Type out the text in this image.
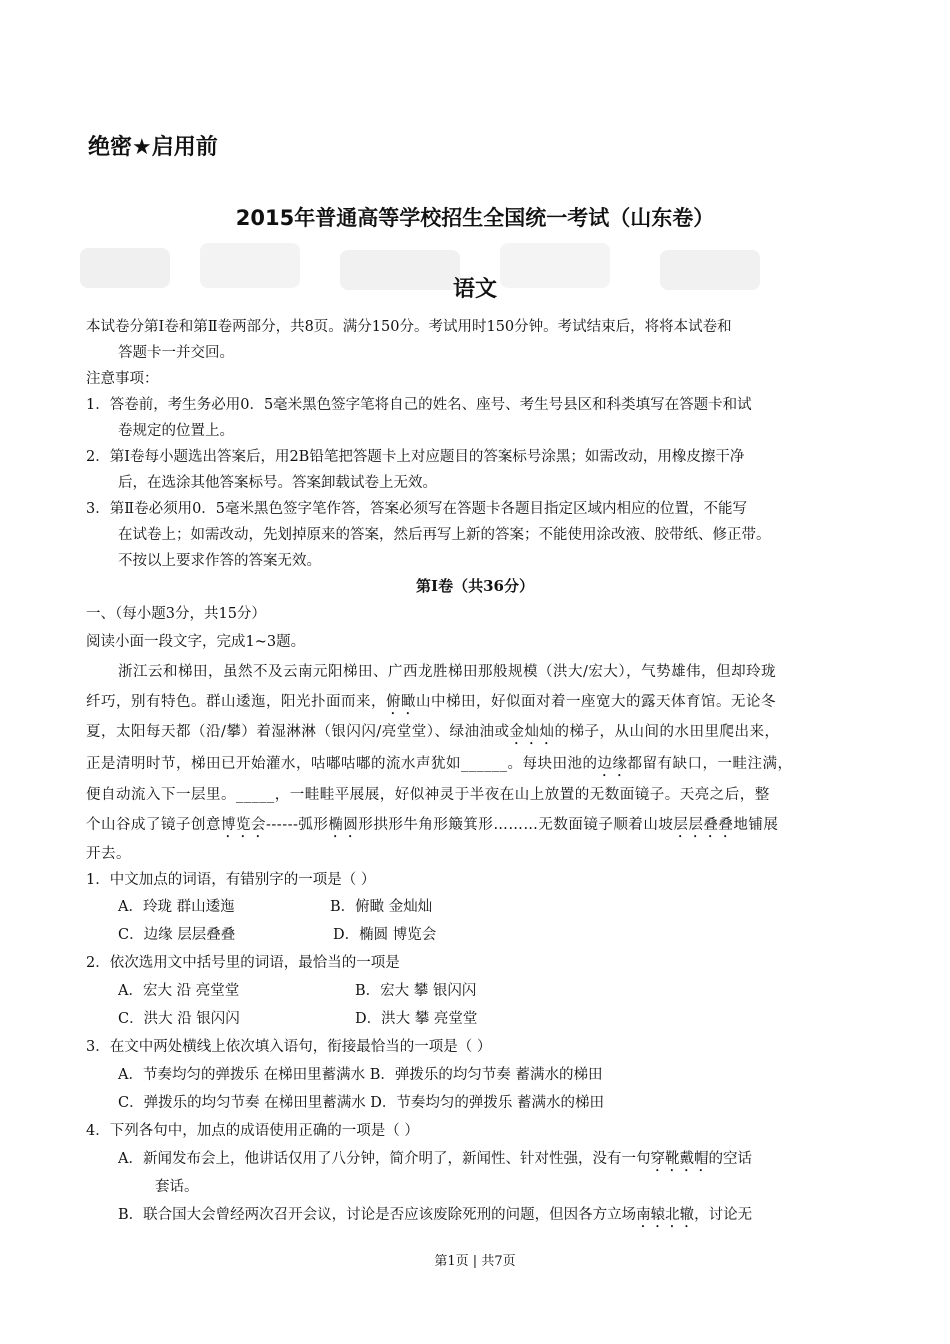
绝密★启用前
2015年普通高等学校招生全国统一考试（山东卷）
语文
本试卷分第Ⅰ卷和第Ⅱ卷两部分，共8页。满分150分。考试用时150分钟。考试结束后，将将本试卷和
答题卡一并交回。
注意事项：
1．答卷前，考生务必用0．5毫米黑色签字笔将自己的姓名、座号、考生号县区和科类填写在答题卡和试
卷规定的位置上。
2．第Ⅰ卷每小题选出答案后，用2B铅笔把答题卡上对应题目的答案标号涂黑；如需改动，用橡皮擦干净
后，在选涂其他答案标号。答案卸载试卷上无效。
3．第Ⅱ卷必须用0．5毫米黑色签字笔作答，答案必须写在答题卡各题目指定区域内相应的位置，不能写
在试卷上；如需改动，先划掉原来的答案，然后再写上新的答案；不能使用涂改液、胶带纸、修正带。
不按以上要求作答的答案无效。
第Ⅰ卷（共36分）
一、（每小题3分，共15分）
阅读小面一段文字，完成1~3题。
浙江云和梯田，虽然不及云南元阳梯田、广西龙胜梯田那般规模（洪大/宏大），气势雄伟，但却玲珑
纤巧，别有特色。群山逶迤，阳光扑面而来，俯瞰山中梯田，好似面对着一座宽大的露天体育馆。无论冬
夏，太阳每天都（沿/攀）着湿淋淋（银闪闪/亮堂堂）、绿油油或金灿灿的梯子，从山间的水田里爬出来，
正是清明时节，梯田已开始灌水，咕嘟咕嘟的流水声犹如______。每块田池的边缘都留有缺口，一畦注满，
便自动流入下一层里。_____，一畦畦平展展，好似神灵于半夜在山上放置的无数面镜子。天亮之后，整
个山谷成了镜子创意博览会------弧形椭圆形拱形牛角形簸箕形………无数面镜子顺着山坡层层叠叠地铺展
开去。
1．中文加点的词语，有错别字的一项是（ ）
A．玲珑 群山逶迤	B．俯瞰 金灿灿
C．边缘 层层叠叠	D．椭圆 博览会
2．依次选用文中括号里的词语，最恰当的一项是
A．宏大 沿 亮堂堂	B．宏大 攀 银闪闪
C．洪大 沿 银闪闪	D．洪大 攀 亮堂堂
3．在文中两处横线上依次填入语句，衔接最恰当的一项是（ ）
A．节奏均匀的弹拨乐 在梯田里蓄满水 B．弹拨乐的均匀节奏 蓄满水的梯田
C．弹拨乐的均匀节奏 在梯田里蓄满水 D．节奏均匀的弹拨乐 蓄满水的梯田
4．下列各句中，加点的成语使用正确的一项是（ ）
A．新闻发布会上，他讲话仅用了八分钟，简介明了，新闻性、针对性强，没有一句穿靴戴帽的空话
套话。
B．联合国大会曾经两次召开会议，讨论是否应该废除死刑的问题，但因各方立场南辕北辙，讨论无
第1页 | 共7页
